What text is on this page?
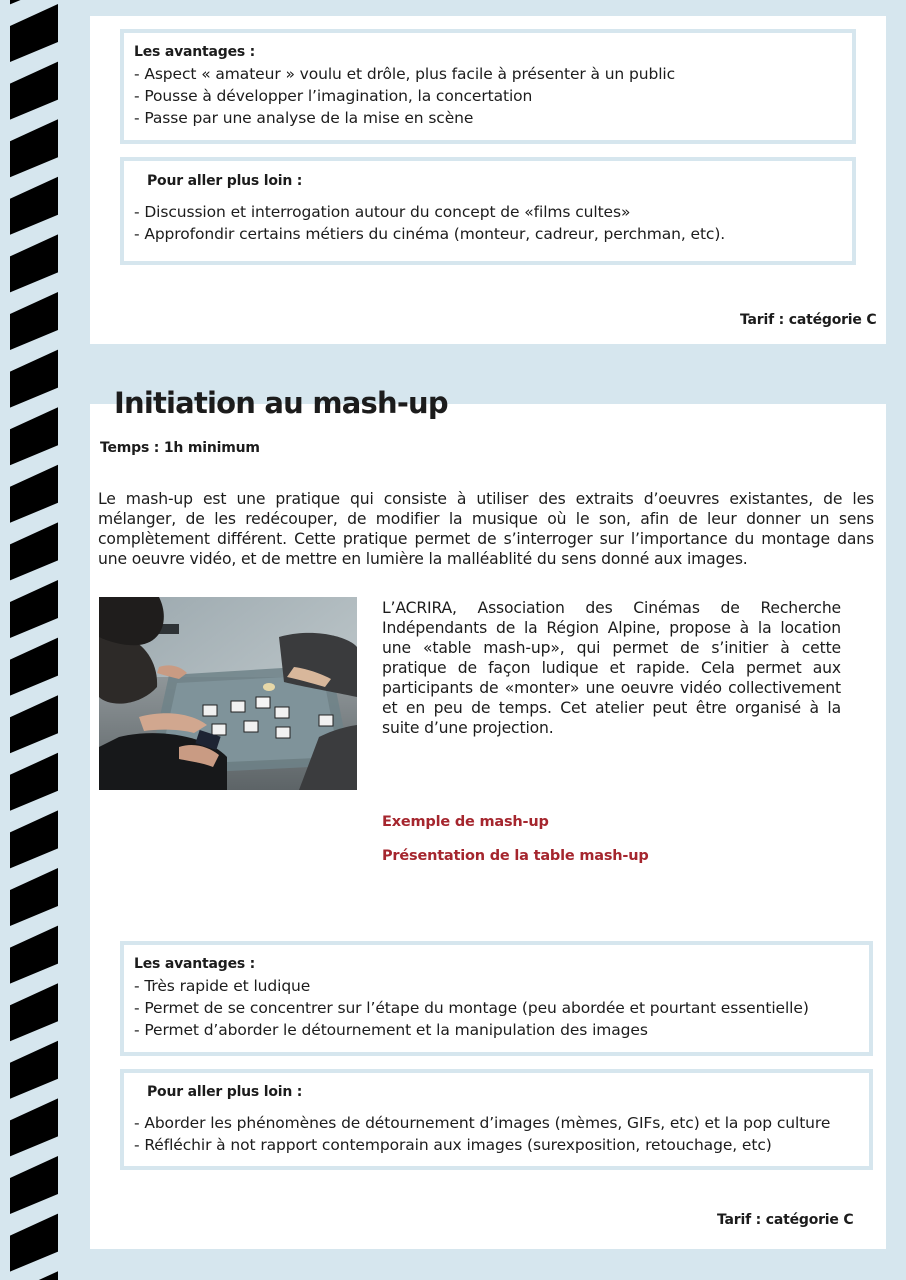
Les avantages :
- Aspect « amateur » voulu et drôle, plus facile à présenter à un public
- Pousse à développer l’imagination, la concertation
- Passe par une analyse de la mise en scène
Pour aller plus loin :
- Discussion et interrogation autour du concept de «films cultes»
- Approfondir certains métiers du cinéma (monteur, cadreur, perchman, etc).
Tarif : catégorie C
Initiation au mash-up
Temps : 1h minimum

Le mash-up est une pratique qui consiste à utiliser des extraits d’oeuvres existantes, de les mélanger, de les redécouper, de modifier la musique où le son, afin de leur donner un sens complètement différent. Cette pratique permet de s’interroger sur l’importance du montage dans une oeuvre vidéo, et de mettre en lumière la malléablité du sens donné aux images.

L’ACRIRA, Association des Cinémas de Recherche Indépendants de la Région Alpine, propose à la location une «table mash-up», qui permet de s’initier à cette pratique de façon ludique et rapide. Cela permet aux participants de «monter» une oeuvre vidéo collectivement et en peu de temps. Cet atelier peut être organisé à la suite d’une projection.

Exemple de mash-up
Présentation de la table mash-up
Les avantages :
- Très rapide et ludique
- Permet de se concentrer sur l’étape du montage (peu abordée et pourtant essentielle)
- Permet d’aborder le détournement et la manipulation des images
Pour aller plus loin :
- Aborder les phénomènes de détournement d’images (mèmes, GIFs, etc) et la pop culture
- Réfléchir à not rapport contemporain aux images (surexposition, retouchage, etc)
Tarif : catégorie C
